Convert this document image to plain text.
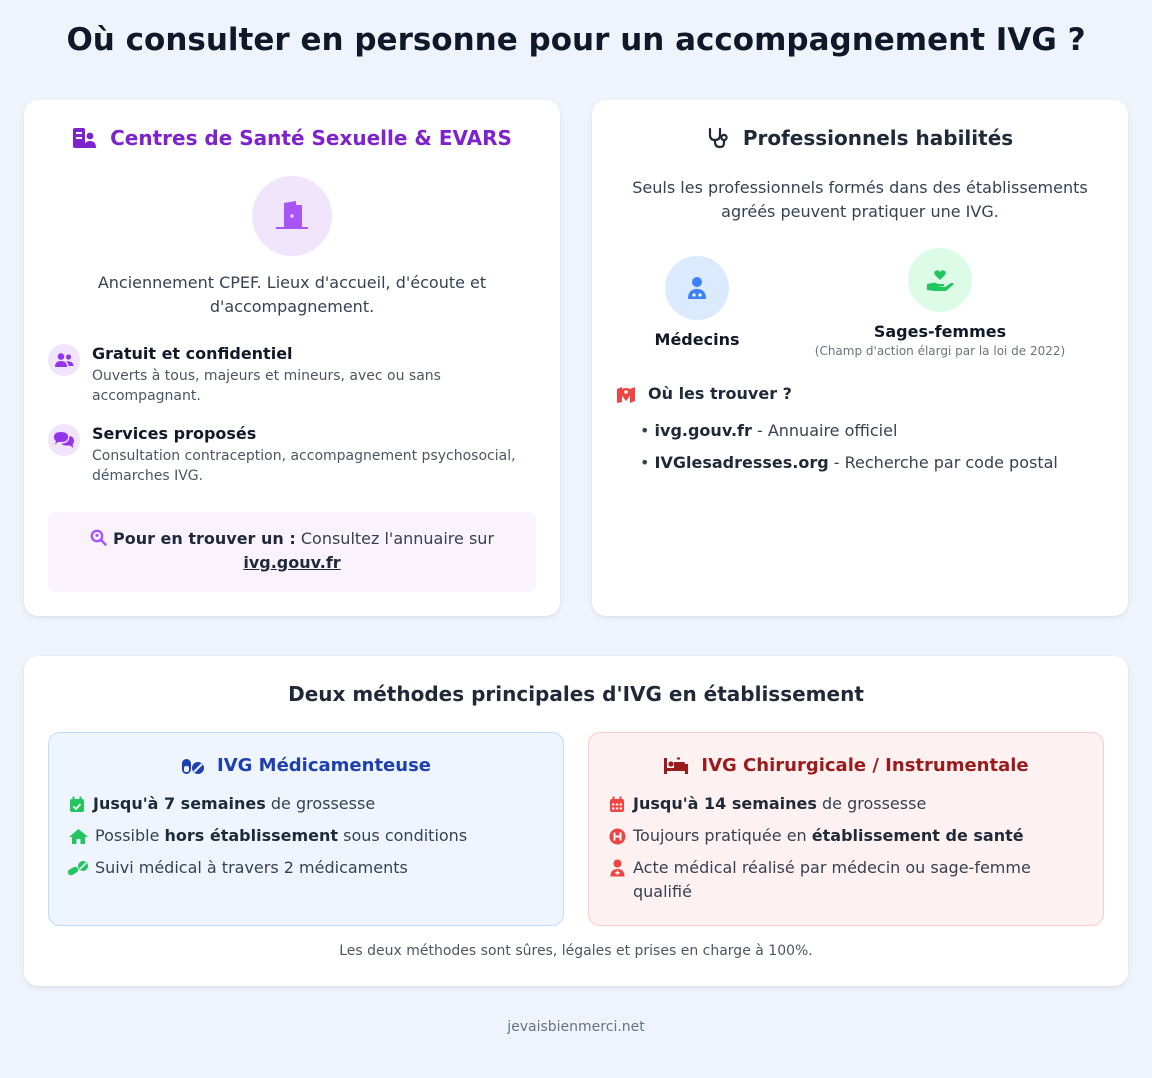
Où consulter en personne pour un accompagnement IVG ?
Centres de Santé Sexuelle & EVARS
Anciennement CPEF. Lieux d'accueil, d'écoute et d'accompagnement.
Gratuit et confidentiel
Ouverts à tous, majeurs et mineurs, avec ou sans accompagnant.
Services proposés
Consultation contraception, accompagnement psychosocial, démarches IVG.
Pour en trouver un : Consultez l'annuaire sur
ivg.gouv.fr
Professionnels habilités
Seuls les professionnels formés dans des établissements agréés peuvent pratiquer une IVG.
Médecins	Sages-femmes
(Champ d'action élargi par la loi de 2022)
Où les trouver ?
• ivg.gouv.fr - Annuaire officiel
• IVGlesadresses.org - Recherche par code postal
Deux méthodes principales d'IVG en établissement
IVG Médicamenteuse
Jusqu'à 7 semaines de grossesse
Possible hors établissement sous conditions
Suivi médical à travers 2 médicaments
IVG Chirurgicale / Instrumentale
Jusqu'à 14 semaines de grossesse
Toujours pratiquée en établissement de santé
Acte médical réalisé par médecin ou sage-femme qualifié
Les deux méthodes sont sûres, légales et prises en charge à 100%.
jevaisbienmerci.net
